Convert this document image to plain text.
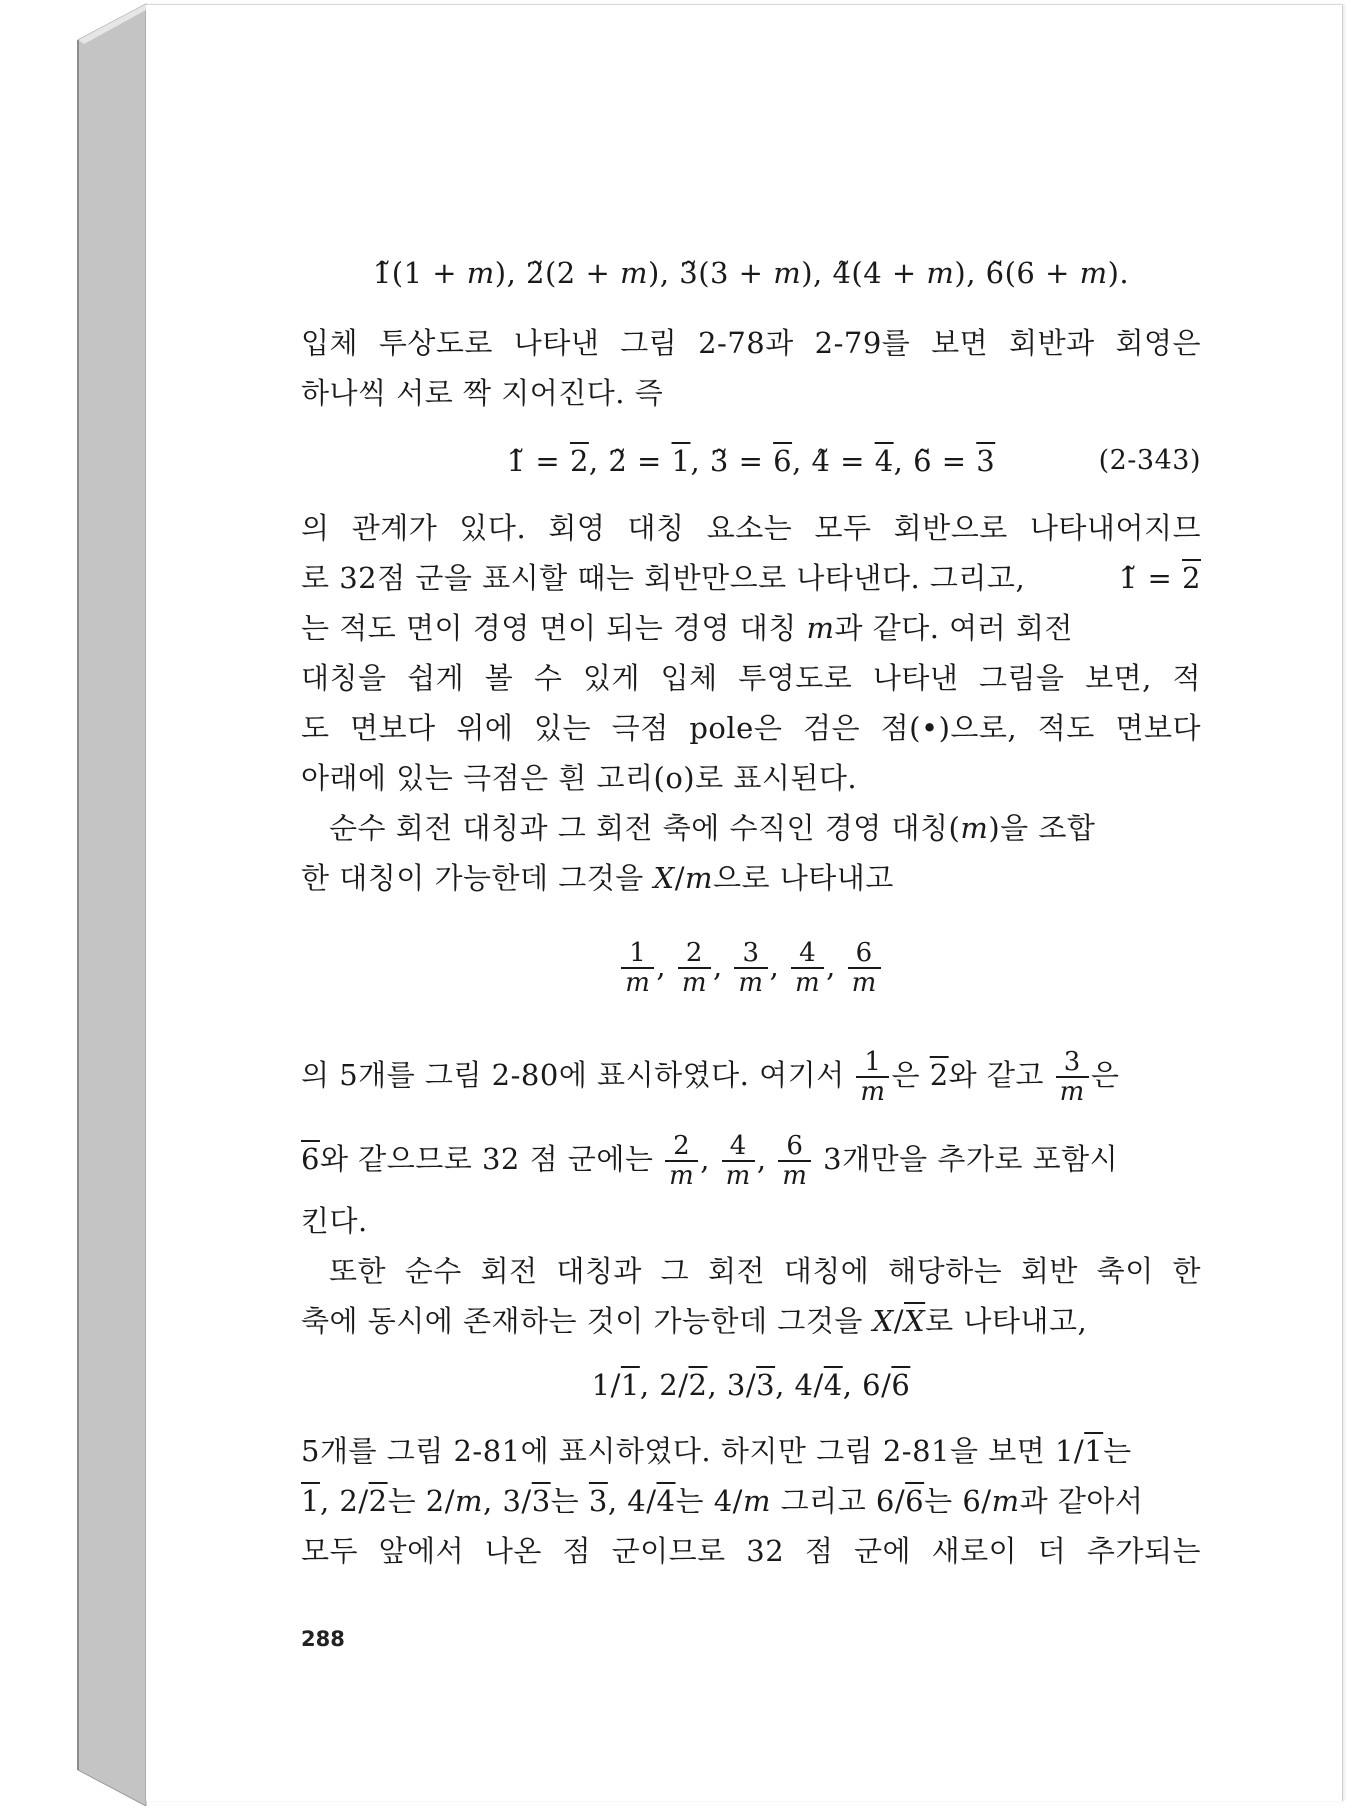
1̃(1 + m), 2̃(2 + m), 3̃(3 + m), 4̃(4 + m), 6̃(6 + m).
입체 투상도로 나타낸 그림 2-78과 2-79를 보면 회반과 회영은
하나씩 서로 짝 지어진다. 즉
1̃ = 2, 2̃ = 1, 3̃ = 6, 4̃ = 4, 6̃ = 3	(2-343)
의 관계가 있다. 회영 대칭 요소는 모두 회반으로 나타내어지므
로 32점 군을 표시할 때는 회반만으로 나타낸다. 그리고,	1̃ = 2
는 적도 면이 경영 면이 되는 경영 대칭 m과 같다. 여러 회전
대칭을 쉽게 볼 수 있게 입체 투영도로 나타낸 그림을 보면, 적
도 면보다 위에 있는 극점 pole은 검은 점(•)으로, 적도 면보다
아래에 있는 극점은 흰 고리(o)로 표시된다.
순수 회전 대칭과 그 회전 축에 수직인 경영 대칭(m)을 조합
한 대칭이 가능한데 그것을 X/m으로 나타내고
$\frac{1}{m}$ , $\frac{2}{m}$ , $\frac{3}{m}$ , $\frac{4}{m}$ , $\frac{6}{m}$
의 5개를 그림 2-80에 표시하였다. 여기서 $\frac{1}{m}$ 은 2와 같고 $\frac{3}{m}$ 은
6와 같으므로 32 점 군에는 $\frac{2}{m}$ , $\frac{4}{m}$ , $\frac{6}{m} 3$개만을 추가로 포함시
킨다.
또한 순수 회전 대칭과 그 회전 대칭에 해당하는 회반 축이 한
축에 동시에 존재하는 것이 가능한데 그것을 $X/\overline{X}$로 나타내고,
1/1, 2/2, 3/3, 4/4, 6/6
5개를 그림 2-81에 표시하였다. 하지만 그림 2-81을 보면 1/1는
1, 2/2는 2/m, 3/3는 3, 4/4는 4/m 그리고 6/6는 6/m과 같아서
모두 앞에서 나온 점 군이므로 32 점 군에 새로이 더 추가되는
288
